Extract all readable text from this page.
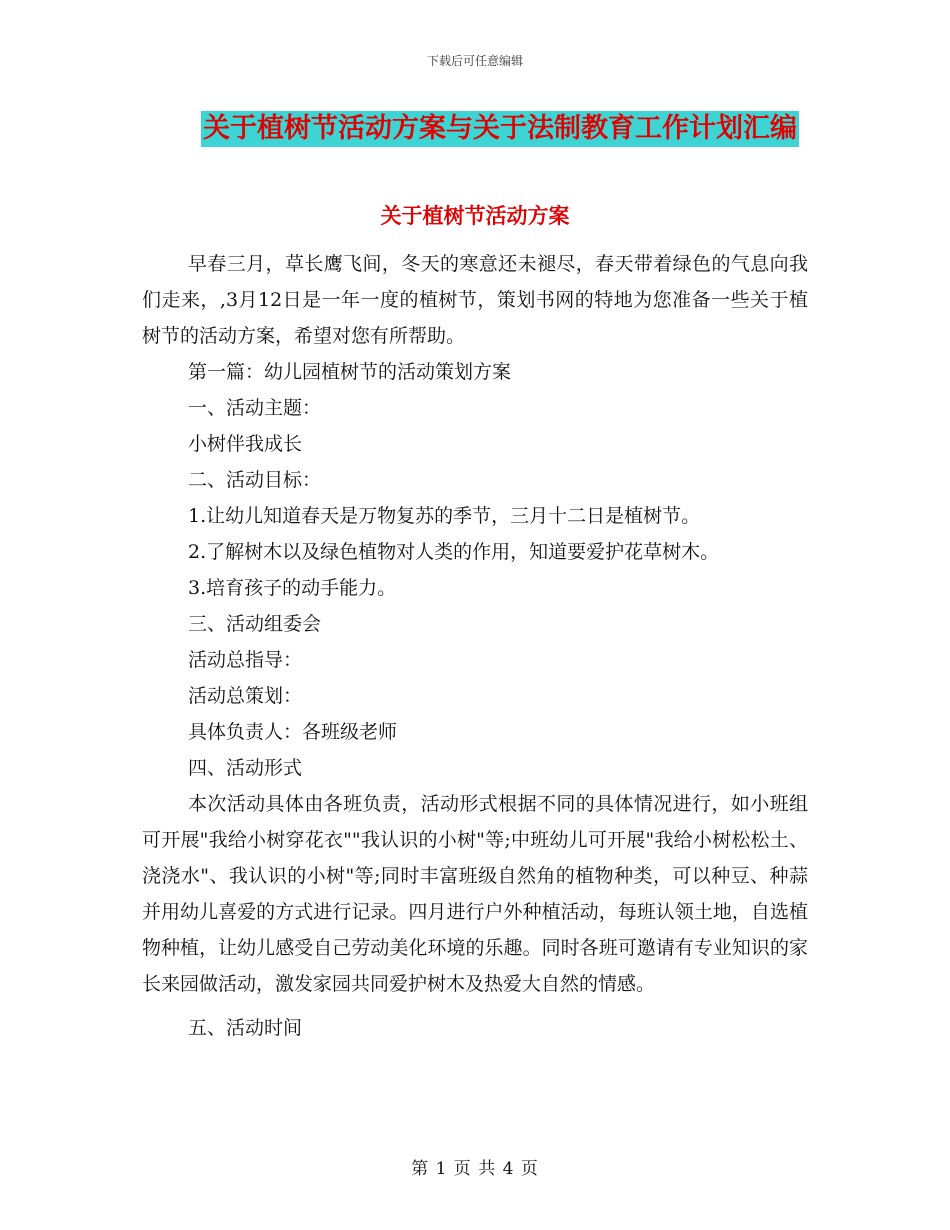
下载后可任意编辑
关于植树节活动方案与关于法制教育工作计划汇编
关于植树节活动方案

早春三月，草长鹰飞间，冬天的寒意还未褪尽，春天带着绿色的气息向我们走来，,3月12日是一年一度的植树节，策划书网的特地为您准备一些关于植树节的活动方案，希望对您有所帮助。

第一篇：幼儿园植树节的活动策划方案

一、活动主题：

小树伴我成长

二、活动目标：

1.让幼儿知道春天是万物复苏的季节，三月十二日是植树节。

2.了解树木以及绿色植物对人类的作用，知道要爱护花草树木。

3.培育孩子的动手能力。

三、活动组委会

活动总指导：

活动总策划：

具体负责人：各班级老师

四、活动形式

本次活动具体由各班负责，活动形式根据不同的具体情况进行，如小班组可开展"我给小树穿花衣""我认识的小树"等;中班幼儿可开展"我给小树松松土、浇浇水"、我认识的小树"等;同时丰富班级自然角的植物种类，可以种豆、种蒜并用幼儿喜爱的方式进行记录。四月进行户外种植活动，每班认领土地，自选植物种植，让幼儿感受自己劳动美化环境的乐趣。同时各班可邀请有专业知识的家长来园做活动，激发家园共同爱护树木及热爱大自然的情感。

五、活动时间

第 1 页 共 4 页
